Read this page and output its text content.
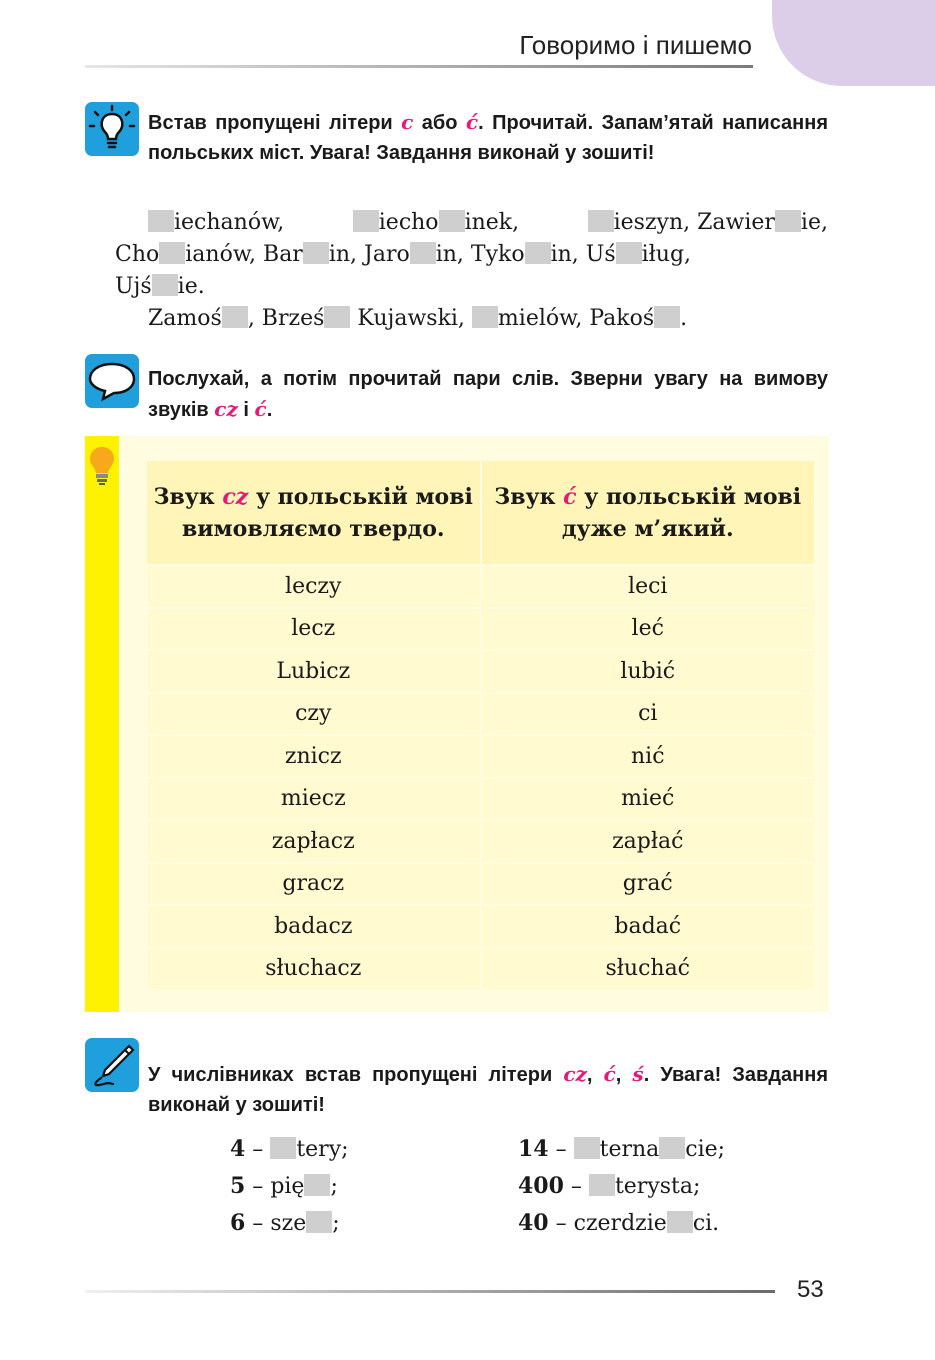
Говоримо і пишемо
Встав пропущені літери c або ć. Прочитай. Запам’ятай написання польських міст. Увага! Завдання виконай у зошиті!
iechanów,	iecho inek,	ieszyn, Zawier ie,
Cho ianów, Bar in, Jaro in, Tyko in, Uś iług,
Ujś ie.
Zamoś , Brześ Kujawski, mielów, Pakoś .
Послухай, а потім прочитай пари слів. Зверни увагу на вимову звуків cz і ć.
Звук cz у польській мові вимовляємо твердо.	Звук ć у польській мові дуже м’який.
leczy	leci
lecz	leć
Lubicz	lubić
czy	ci
znicz	nić
miecz	mieć
zapłacz	zapłać
gracz	grać
badacz	badać
słuchacz	słuchać
У числівниках встав пропущені літери cz, ć, ś. Увага! Завдання виконай у зошиті!
4 – tery;
5 – pię ;
6 – sze ;
14 – terna cie;
400 – terysta;
40 – czerdzie ci.
53
